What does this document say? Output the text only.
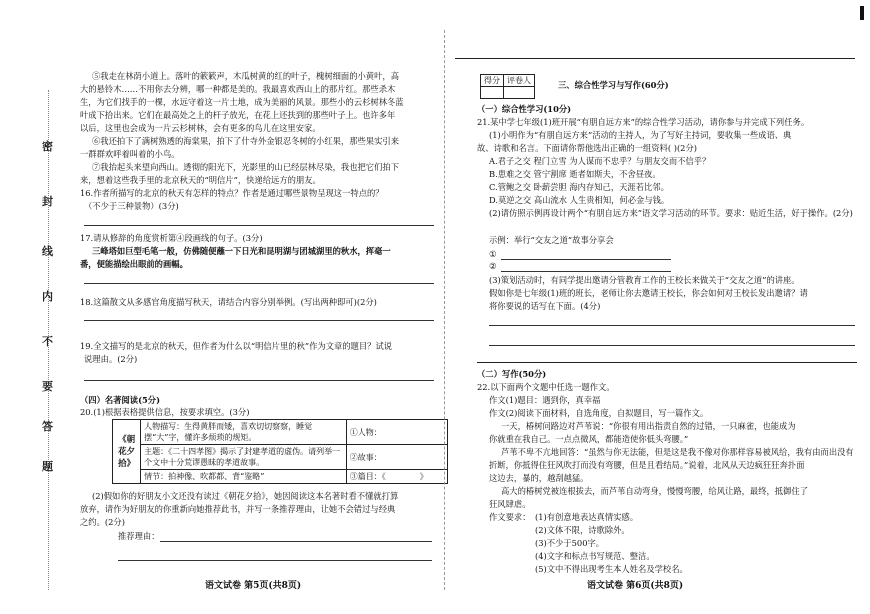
密
封
线
内
不
要
答
题
⑤我走在林荫小道上。落叶的簌簌声，木瓜树黄的红的叶子，槐树细面的小黄叶，高
大的悬铃木……不用你去分辨，哪一种都是美的。我最喜欢西山上的那片红。那些杀木
生，为它们找手的一棵，水远守着这一片土地，成为美丽的风景。那些小的云杉树林冬蓝
叶成下拾出来。它们在最高处之上的杆子放光，在花上还扶到的那些叶子上。也许多年
以后，这里也会成为一片云杉树林，会有更多的鸟儿在这里安家。
⑥我还拍下了满树熟透的海棠果，拍下了什寺外金银忍冬树的小红果，那些果实引来
一群群欢呼着叫着的小鸟。
⑦我抬起头来望向西山。透彻的阳光下，光影里的山已经层林尽染，我也把它们拍下
来，想着这些我手里的北京秋天的“明信片”，快递给远方的朋友。
16.作者所描写的北京的秋天有怎样的特点？作者是通过哪些景物呈现这一特点的？
（不少于三种景物）(3分)
17.请从修辞的角度赏析第④段画线的句子。(3分)
三峰塔如巨型毛笔一般，仿佛随便蘸一下日光和昆明湖与团城湖里的秋水，挥毫一
番，便能描绘出眼前的画幅。
18.这篇散文从多感官角度描写秋天，请结合内容分别举例。(写出两种即可)(2分)
19.全文描写的是北京的秋天，但作者为什么以“明信片里的秋”作为文章的题目？试说
说理由。(2分)
（四）名著阅读(5分)
20.(1)根据表格提供信息，按要求填空。(3分)
《朝花夕拾》	人物描写：生得黄胖而矮，喜欢切切察察，睡觉摆“大”字，懂许多烦琐的规矩。	①人物：
	主题：《二十四孝图》揭示了封建孝道的虚伪。请列举一个文中十分荒谬愚昧的孝道故事。	②故事：
	情节：拍神像、吹都都、背“鉴略”	③篇目：《 》
(2)假如你的好朋友小文还没有读过《朝花夕拾》，她因阅读这本名著时看不懂就打算
放弃，请作为好朋友的你重新向她推荐此书，并写一条推荐理由，让她不会错过与经典
之约。(2分)
推荐理由：
语文试卷 第5页(共8页)
三、综合性学习与写作(60分)
（一）综合性学习(10分)
21.某中学七年级(1)班开展“有朋自远方来”的综合性学习活动，请你参与并完成下列任务。
(1)小明作为“有朋自远方来”活动的主持人，为了写好主持词，要收集一些成语、典
故、诗歌和名言。下面请你帮他选出正确的一组资料( )(2分)
A.君子之交 程门立雪 为人谋而不忠乎？与朋友交而不信乎？
B.患难之交 管宁割席 逝者如斯夫，不舍昼夜。
C.管鲍之交 卧薪尝胆 海内存知己，天涯若比邻。
D.莫逆之交 高山流水 人生贵相知，何必金与钱。
(2)请仿照示例再设计两个“有朋自远方来”语文学习活动的环节。要求：贴近生活，好于操作。(2分)
示例：举行“交友之道”故事分享会
①
②
(3)策划活动时，有同学提出邀请分管教育工作的王校长来做关于“交友之道”的讲座。
假如你是七年级(1)班的班长，老师让你去邀请王校长，你会如何对王校长发出邀请？请
将你要说的话写在下面。(4分)
（二）写作(50分)
22.以下面两个文题中任选一题作文。
作文(1)题目：遇到你，真幸福
作文(2)阅读下面材料，自选角度，自拟题目，写一篇作文。
一天，椿树问路边对芦苇说：“你很有用出指责自然的过错，一只麻雀，也能成为
你就重在我自己。一点点微风，都能造使你低头弯腰。”
芦苇不卑不亢地回答：“虽然与你无法能，但是这是我不像对你那样容易被风给，我有由而出没有
折断，你抵得住狂风吹打而没有弯腰，但是且看结局。”说着，北风从天边疯狂狂奔扑面
这边去，暴的，越刮越猛。
高大的椿树党被连根拔去，而芦苇自动弯身，慢慢弯腰，给风让路，最终，抵御住了
狂风肆虐。
作文要求： (1)有创意地表达真情实感。
(2)文体不限，诗歌除外。
(3)不少于500字。
(4)文字和标点书写规范、整洁。
(5)文中不得出现考生本人姓名及学校名。
语文试卷 第6页(共8页)
得分	评卷人
